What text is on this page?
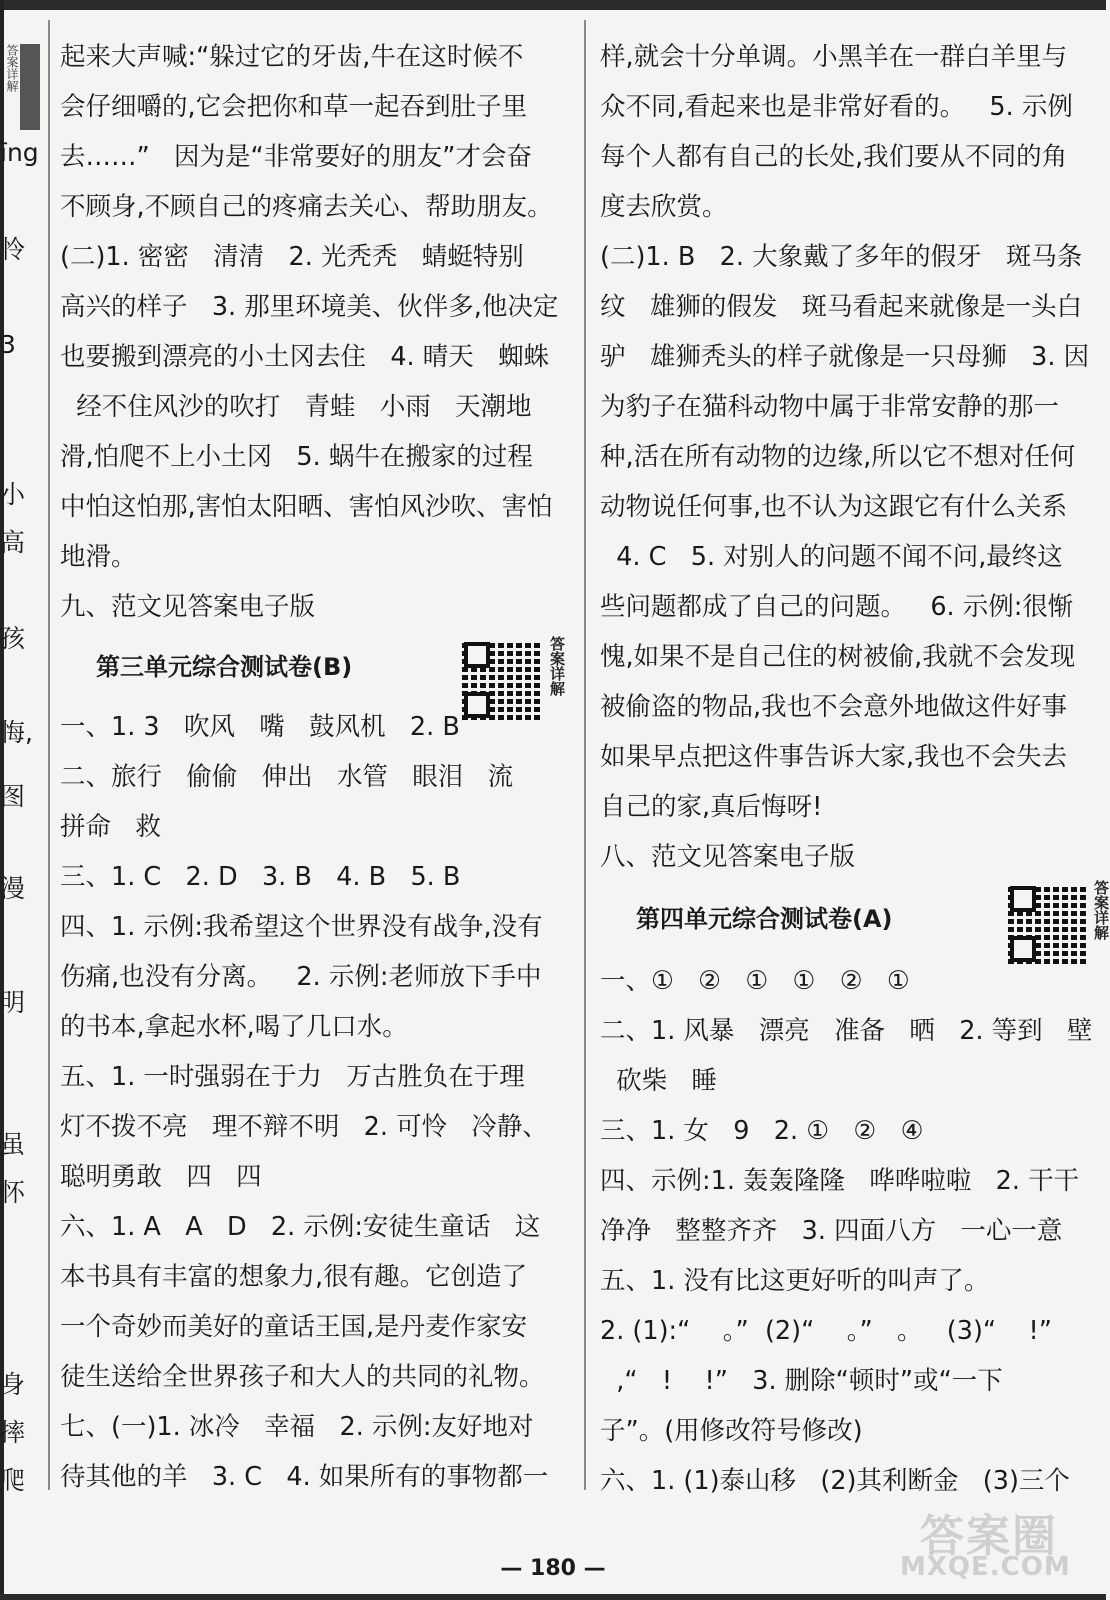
答案详解
īng
怜
3
小
高
孩
悔,
图
漫
明
虽
怀
身
摔
爬
起来大声喊:“躲过它的牙齿,牛在这时候不
会仔细嚼的,它会把你和草一起吞到肚子里
去……”   因为是“非常要好的朋友”才会奋
不顾身,不顾自己的疼痛去关心、帮助朋友。
(二)1. 密密   清清   2. 光秃秃   蜻蜓特别
高兴的样子   3. 那里环境美、伙伴多,他决定
也要搬到漂亮的小土冈去住   4. 晴天   蜘蛛
经不住风沙的吹打   青蛙   小雨   天潮地
滑,怕爬不上小土冈   5. 蜗牛在搬家的过程
中怕这怕那,害怕太阳晒、害怕风沙吹、害怕
地滑。
九、范文见答案电子版
第三单元综合测试卷(B)
一、1. 3   吹风   嘴   鼓风机   2. B
二、旅行   偷偷   伸出   水管   眼泪   流
拼命   救
三、1. C   2. D   3. B   4. B   5. B
四、1. 示例:我希望这个世界没有战争,没有
伤痛,也没有分离。   2. 示例:老师放下手中
的书本,拿起水杯,喝了几口水。
五、1. 一时强弱在于力   万古胜负在于理
灯不拨不亮   理不辩不明   2. 可怜   冷静、
聪明勇敢   四   四
六、1. A   A   D   2. 示例:安徒生童话   这
本书具有丰富的想象力,很有趣。它创造了
一个奇妙而美好的童话王国,是丹麦作家安
徒生送给全世界孩子和大人的共同的礼物。
七、(一)1. 冰冷   幸福   2. 示例:友好地对
待其他的羊   3. C   4. 如果所有的事物都一
答案详解
样,就会十分单调。小黑羊在一群白羊里与
众不同,看起来也是非常好看的。   5. 示例
每个人都有自己的长处,我们要从不同的角
度去欣赏。
(二)1. B   2. 大象戴了多年的假牙   斑马条
纹   雄狮的假发   斑马看起来就像是一头白
驴   雄狮秃头的样子就像是一只母狮   3. 因
为豹子在猫科动物中属于非常安静的那一
种,活在所有动物的边缘,所以它不想对任何
动物说任何事,也不认为这跟它有什么关系
4. C   5. 对别人的问题不闻不问,最终这
些问题都成了自己的问题。   6. 示例:很惭
愧,如果不是自己住的树被偷,我就不会发现
被偷盗的物品,我也不会意外地做这件好事
如果早点把这件事告诉大家,我也不会失去
自己的家,真后悔呀!
八、范文见答案电子版
第四单元综合测试卷(A)
一、①   ②   ①   ①   ②   ①
二、1. 风暴   漂亮   准备   晒   2. 等到   壁
砍柴   睡
三、1. 女   9   2. ①   ②   ④
四、示例:1. 轰轰隆隆   哗哗啦啦   2. 干干
净净   整整齐齐   3. 四面八方   一心一意
五、1. 没有比这更好听的叫声了。
2. (1):“    。”  (2)“    。”   。   (3)“    !”
,“   !    !”   3. 删除“顿时”或“一下
子”。(用修改符号修改)
六、1. (1)泰山移   (2)其利断金   (3)三个
答案详解
— 180 —
答案圈
MXQE.COM
